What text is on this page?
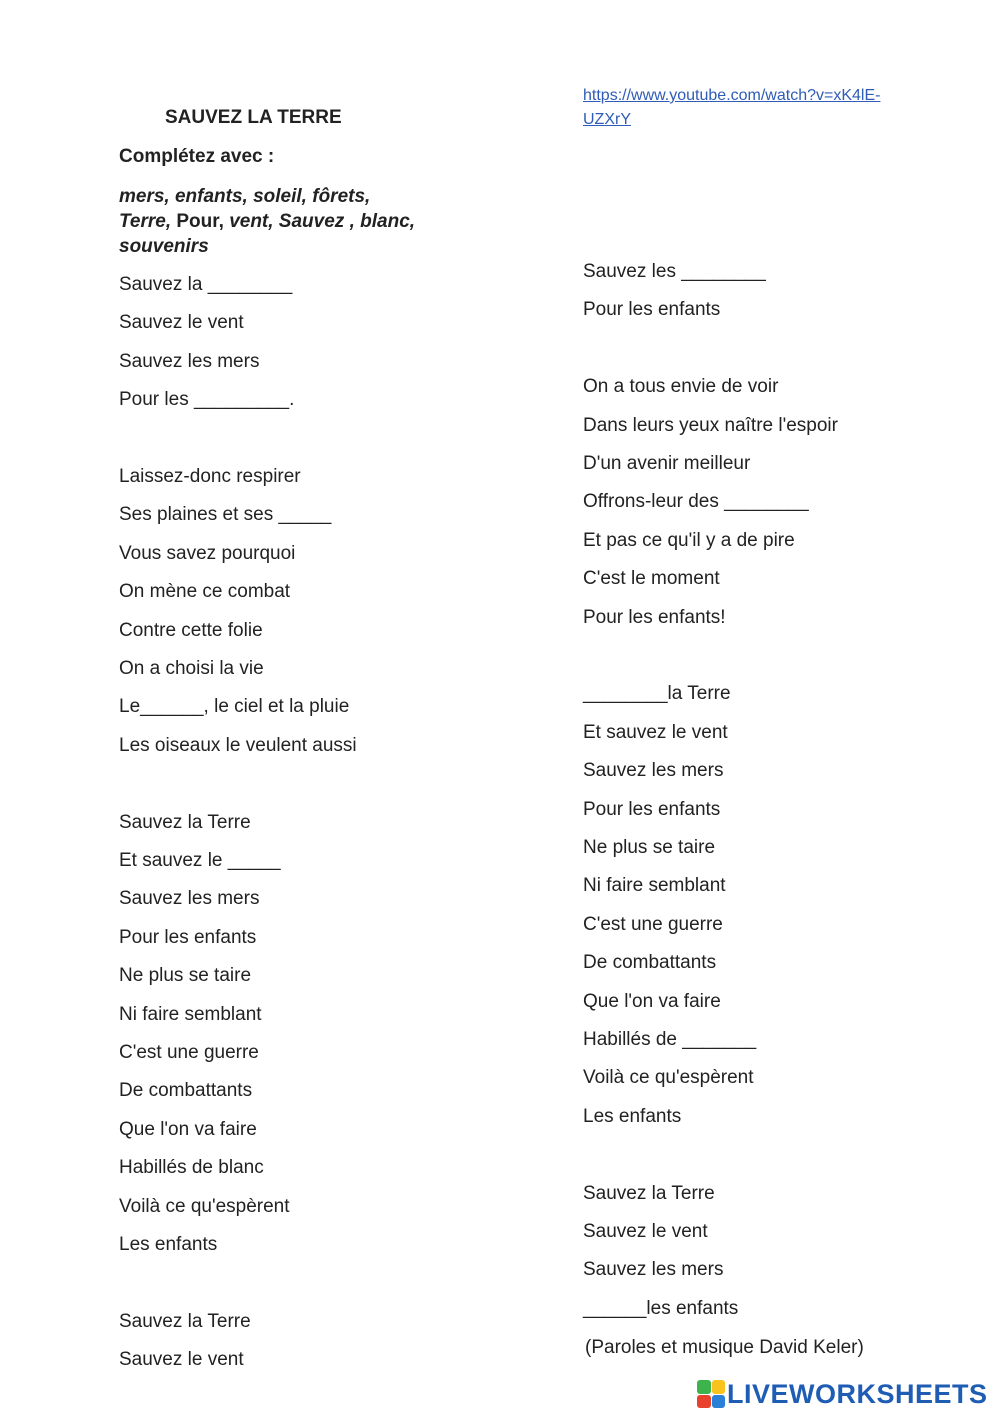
SAUVEZ LA TERRE
Complétez avec :
mers, enfants, soleil, fôrets, Terre, Pour, vent, Sauvez , blanc, souvenirs
Sauvez la ________
Sauvez le vent
Sauvez les mers
Pour les _________.
Laissez-donc respirer
Ses plaines et ses _____
Vous savez pourquoi
On mène ce combat
Contre cette folie
On a choisi la vie
Le______, le ciel et la pluie
Les oiseaux le veulent aussi
Sauvez la Terre
Et sauvez le _____
Sauvez les mers
Pour les enfants
Ne plus se taire
Ni faire semblant
C'est une guerre
De combattants
Que l'on va faire
Habillés de blanc
Voilà ce qu'espèrent
Les enfants
Sauvez la Terre
Sauvez le vent
https://www.youtube.com/watch?v=xK4lE-UZXrY
Sauvez les ________
Pour les enfants
On a tous envie de voir
Dans leurs yeux naître l'espoir
D'un avenir meilleur
Offrons-leur des ________
Et pas ce qu'il y a de pire
C'est le moment
Pour les enfants!
________la Terre
Et sauvez le vent
Sauvez les mers
Pour les enfants
Ne plus se taire
Ni faire semblant
C'est une guerre
De combattants
Que l'on va faire
Habillés de _______
Voilà ce qu'espèrent
Les enfants
Sauvez la Terre
Sauvez le vent
Sauvez les mers
______les enfants
(Paroles et musique David Keler)
LIVEWORKSHEETS
